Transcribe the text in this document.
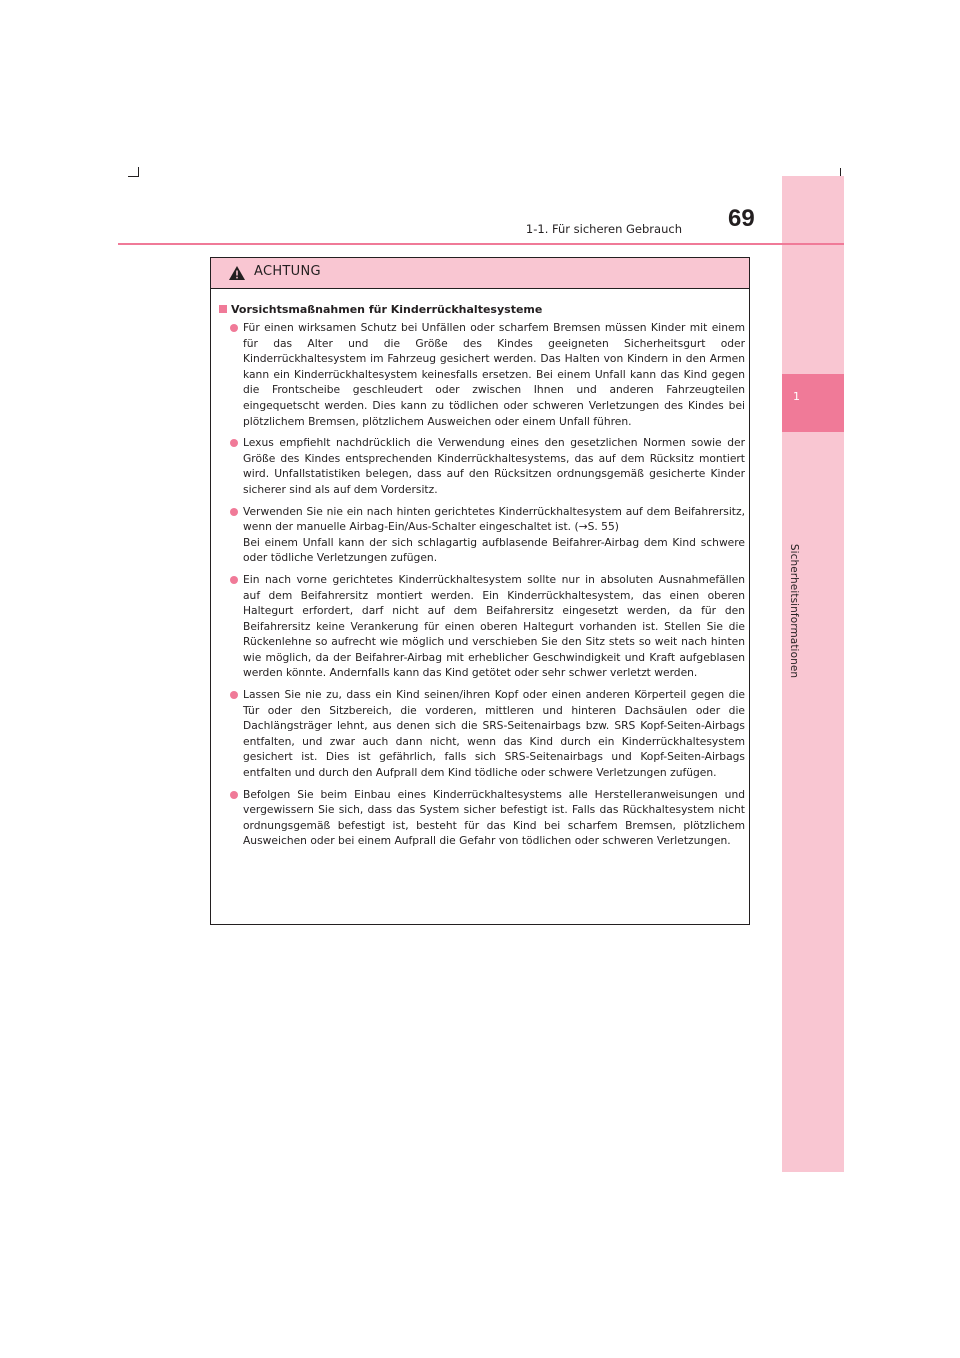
1
Sicherheitsinformationen
1-1. Für sicheren Gebrauch 69
ACHTUNG
Vorsichtsmaßnahmen für Kinderrückhaltesysteme
Für einen wirksamen Schutz bei Unfällen oder scharfem Bremsen müssen Kinder mit einem für das Alter und die Größe des Kindes geeigneten Sicherheitsgurt oder Kinderrückhaltesystem im Fahrzeug gesichert werden. Das Halten von Kindern in den Armen kann ein Kinderrückhaltesystem keinesfalls ersetzen. Bei einem Unfall kann das Kind gegen die Frontscheibe geschleudert oder zwischen Ihnen und anderen Fahrzeugteilen eingequetscht werden. Dies kann zu tödlichen oder schweren Verletzungen des Kindes bei plötzlichem Bremsen, plötzlichem Ausweichen oder einem Unfall führen.
Lexus empfiehlt nachdrücklich die Verwendung eines den gesetzlichen Normen sowie der Größe des Kindes entsprechenden Kinderrückhaltesystems, das auf dem Rücksitz montiert wird. Unfallstatistiken belegen, dass auf den Rücksitzen ordnungsgemäß gesicherte Kinder sicherer sind als auf dem Vordersitz.
Verwenden Sie nie ein nach hinten gerichtetes Kinderrückhaltesystem auf dem Beifahrersitz, wenn der manuelle Airbag-Ein/Aus-Schalter eingeschaltet ist. (→S. 55)
Bei einem Unfall kann der sich schlagartig aufblasende Beifahrer-Airbag dem Kind schwere oder tödliche Verletzungen zufügen.
Ein nach vorne gerichtetes Kinderrückhaltesystem sollte nur in absoluten Ausnahmefällen auf dem Beifahrersitz montiert werden. Ein Kinderrückhaltesystem, das einen oberen Haltegurt erfordert, darf nicht auf dem Beifahrersitz eingesetzt werden, da für den Beifahrersitz keine Verankerung für einen oberen Haltegurt vorhanden ist. Stellen Sie die Rückenlehne so aufrecht wie möglich und verschieben Sie den Sitz stets so weit nach hinten wie möglich, da der Beifahrer-Airbag mit erheblicher Geschwindigkeit und Kraft aufgeblasen werden könnte. Andernfalls kann das Kind getötet oder sehr schwer verletzt werden.
Lassen Sie nie zu, dass ein Kind seinen/ihren Kopf oder einen anderen Körperteil gegen die Tür oder den Sitzbereich, die vorderen, mittleren und hinteren Dachsäulen oder die Dachlängsträger lehnt, aus denen sich die SRS-Seitenairbags bzw. SRS Kopf-Seiten-Airbags entfalten, und zwar auch dann nicht, wenn das Kind durch ein Kinderrückhaltesystem gesichert ist. Dies ist gefährlich, falls sich SRS-Seitenairbags und Kopf-Seiten-Airbags entfalten und durch den Aufprall dem Kind tödliche oder schwere Verletzungen zufügen.
Befolgen Sie beim Einbau eines Kinderrückhaltesystems alle Herstelleranweisungen und vergewissern Sie sich, dass das System sicher befestigt ist. Falls das Rückhaltesystem nicht ordnungsgemäß befestigt ist, besteht für das Kind bei scharfem Bremsen, plötzlichem Ausweichen oder bei einem Aufprall die Gefahr von tödlichen oder schweren Verletzungen.
